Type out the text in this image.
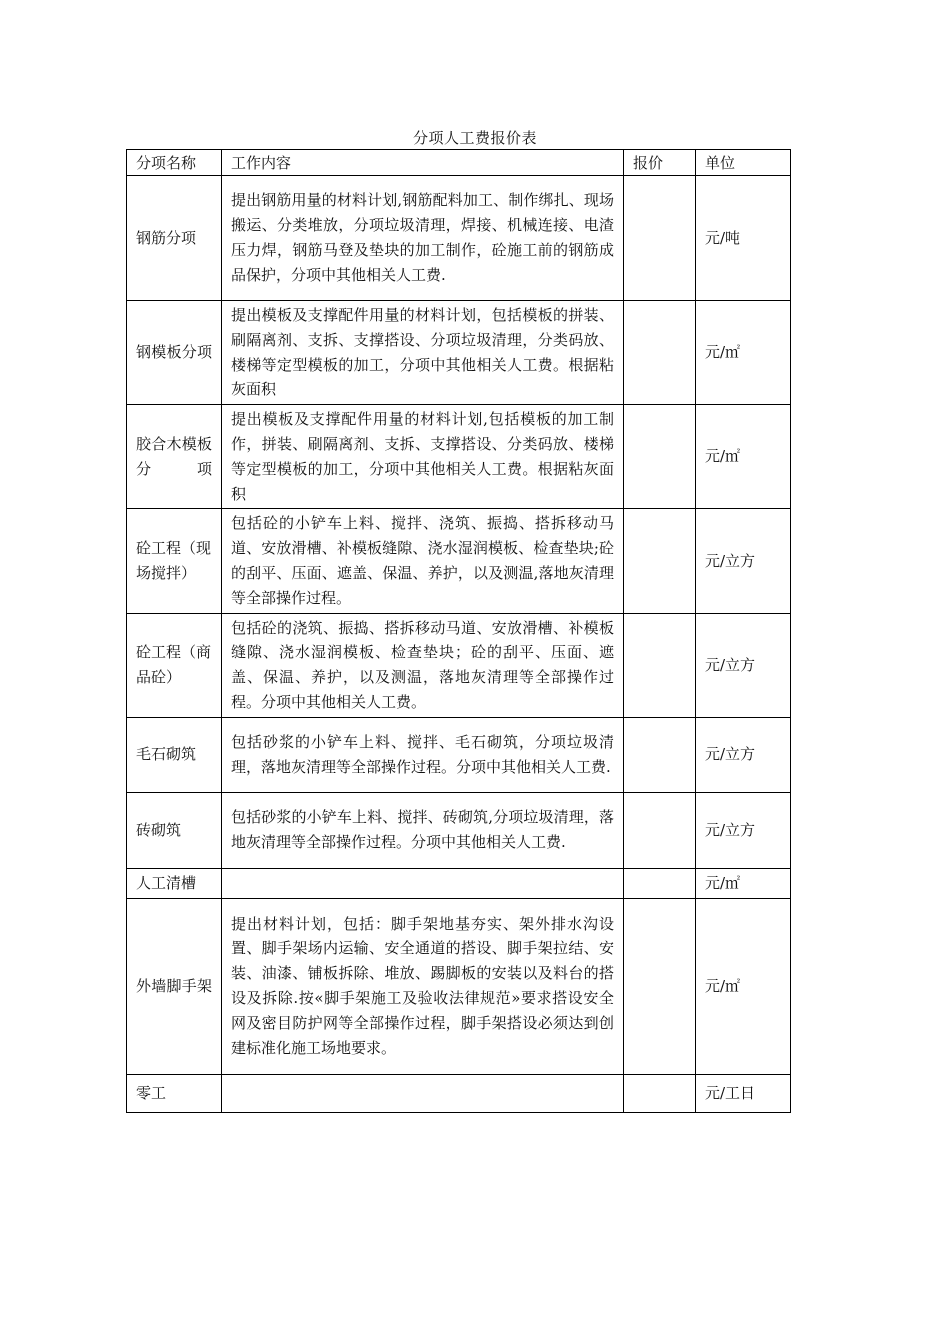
分项人工费报价表
分项名称	工作内容	报价	单位
钢筋分项	提出钢筋用量的材料计划,钢筋配料加工、制作绑扎、现场搬运、分类堆放，分项垃圾清理，焊接、机械连接、电渣压力焊，钢筋马登及垫块的加工制作，砼施工前的钢筋成品保护，分项中其他相关人工费.		元/吨
钢模板分项	提出模板及支撑配件用量的材料计划，包括模板的拼装、刷隔离剂、支拆、支撑搭设、分项垃圾清理，分类码放、楼梯等定型模板的加工，分项中其他相关人工费。根据粘灰面积		元/㎡
胶合木模板分项	提出模板及支撑配件用量的材料计划,包括模板的加工制作，拼装、刷隔离剂、支拆、支撑搭设、分类码放、楼梯等定型模板的加工，分项中其他相关人工费。根据粘灰面积		元/㎡
砼工程（现场搅拌）	包括砼的小铲车上料、搅拌、浇筑、振捣、搭拆移动马道、安放滑槽、补模板缝隙、浇水湿润模板、检查垫块;砼的刮平、压面、遮盖、保温、养护，以及测温,落地灰清理等全部操作过程。		元/立方
砼工程（商品砼）	包括砼的浇筑、振捣、搭拆移动马道、安放滑槽、补模板缝隙、浇水湿润模板、检查垫块；砼的刮平、压面、遮盖、保温、养护，以及测温，落地灰清理等全部操作过程。分项中其他相关人工费。		元/立方
毛石砌筑	包括砂浆的小铲车上料、搅拌、毛石砌筑，分项垃圾清理，落地灰清理等全部操作过程。分项中其他相关人工费.		元/立方
砖砌筑	包括砂浆的小铲车上料、搅拌、砖砌筑,分项垃圾清理，落地灰清理等全部操作过程。分项中其他相关人工费.		元/立方
人工清槽			元/㎡
外墙脚手架	提出材料计划，包括：脚手架地基夯实、架外排水沟设置、脚手架场内运输、安全通道的搭设、脚手架拉结、安装、油漆、铺板拆除、堆放、踢脚板的安装以及料台的搭设及拆除.按«脚手架施工及验收法律规范»要求搭设安全网及密目防护网等全部操作过程，脚手架搭设必须达到创建标准化施工场地要求。		元/㎡
零工			元/工日
